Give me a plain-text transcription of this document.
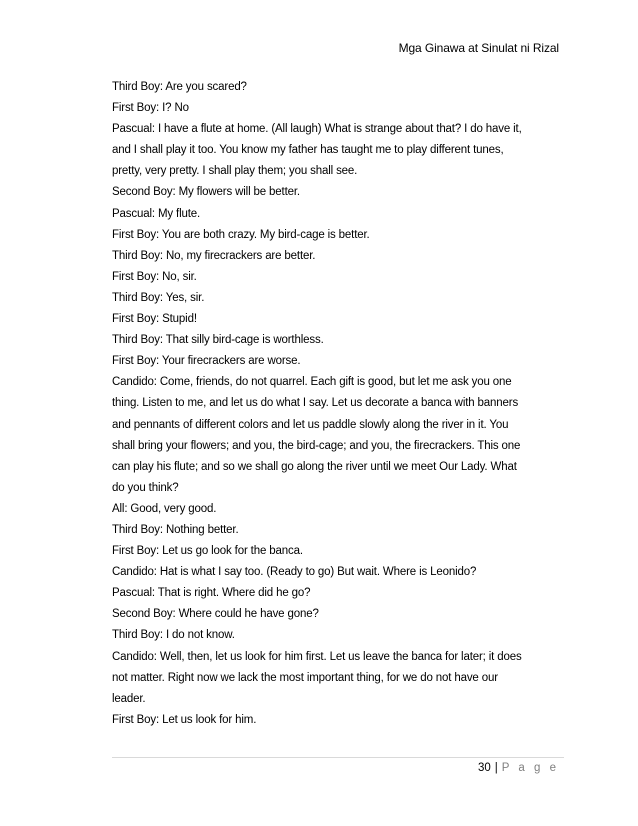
Mga Ginawa at Sinulat ni Rizal
Third Boy: Are you scared?
First Boy: I? No
Pascual: I have a flute at home. (All laugh) What is strange about that? I do have it,
and I shall play it too. You know my father has taught me to play different tunes,
pretty, very pretty. I shall play them; you shall see.
Second Boy: My flowers will be better.
Pascual: My flute.
First Boy: You are both crazy. My bird-cage is better.
Third Boy: No, my firecrackers are better.
First Boy: No, sir.
Third Boy: Yes, sir.
First Boy: Stupid!
Third Boy: That silly bird-cage is worthless.
First Boy: Your firecrackers are worse.
Candido: Come, friends, do not quarrel. Each gift is good, but let me ask you one
thing. Listen to me, and let us do what I say. Let us decorate a banca with banners
and pennants of different colors and let us paddle slowly along the river in it. You
shall bring your flowers; and you, the bird-cage; and you, the firecrackers. This one
can play his flute; and so we shall go along the river until we meet Our Lady. What
do you think?
All: Good, very good.
Third Boy: Nothing better.
First Boy: Let us go look for the banca.
Candido: Hat is what I say too. (Ready to go) But wait. Where is Leonido?
Pascual: That is right. Where did he go?
Second Boy: Where could he have gone?
Third Boy: I do not know.
Candido: Well, then, let us look for him first. Let us leave the banca for later; it does
not matter. Right now we lack the most important thing, for we do not have our
leader.
First Boy: Let us look for him.
30 | P a g e
